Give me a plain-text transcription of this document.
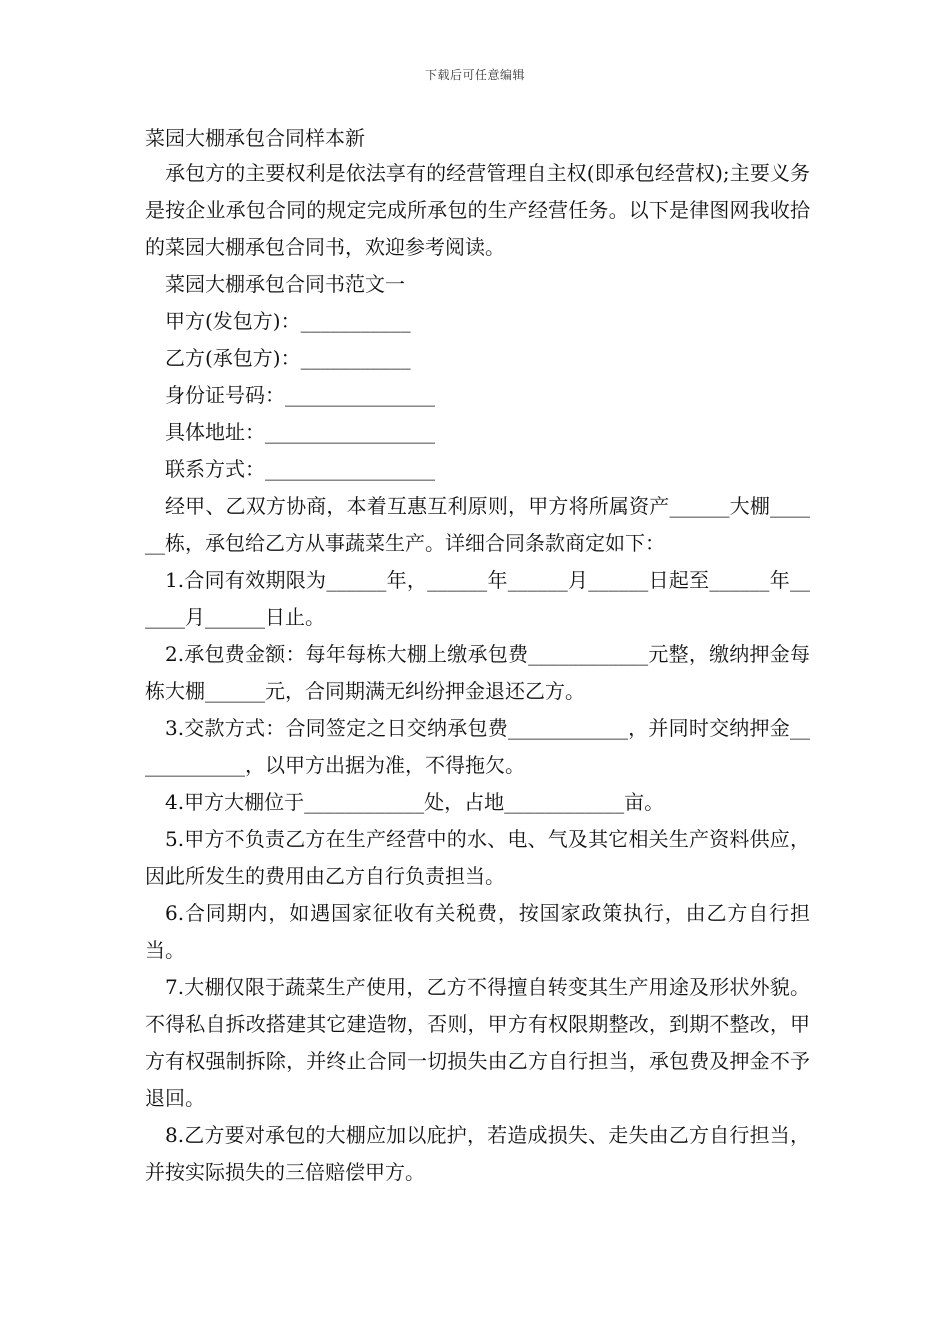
下载后可任意编辑
菜园大棚承包合同样本新

承包方的主要权利是依法享有的经营管理自主权(即承包经营权);主要义务是按企业承包合同的规定完成所承包的生产经营任务。以下是律图网我收拾的菜园大棚承包合同书，欢迎参考阅读。

菜园大棚承包合同书范文一

甲方(发包方)：___________

乙方(承包方)：___________

身份证号码：_______________

具体地址：_________________

联系方式：_________________

经甲、乙双方协商，本着互惠互利原则，甲方将所属资产______大棚______栋，承包给乙方从事蔬菜生产。详细合同条款商定如下：

1.合同有效期限为______年，______年______月______日起至______年______月______日止。

2.承包费金额：每年每栋大棚上缴承包费____________元整，缴纳押金每栋大棚______元，合同期满无纠纷押金退还乙方。

3.交款方式：合同签定之日交纳承包费____________，并同时交纳押金____________，以甲方出据为准，不得拖欠。

4.甲方大棚位于____________处，占地____________亩。

5.甲方不负责乙方在生产经营中的水、电、气及其它相关生产资料供应，因此所发生的费用由乙方自行负责担当。

6.合同期内，如遇国家征收有关税费，按国家政策执行，由乙方自行担当。

7.大棚仅限于蔬菜生产使用，乙方不得擅自转变其生产用途及形状外貌。不得私自拆改搭建其它建造物，否则，甲方有权限期整改，到期不整改，甲方有权强制拆除，并终止合同一切损失由乙方自行担当，承包费及押金不予退回。

8.乙方要对承包的大棚应加以庇护，若造成损失、走失由乙方自行担当，并按实际损失的三倍赔偿甲方。
